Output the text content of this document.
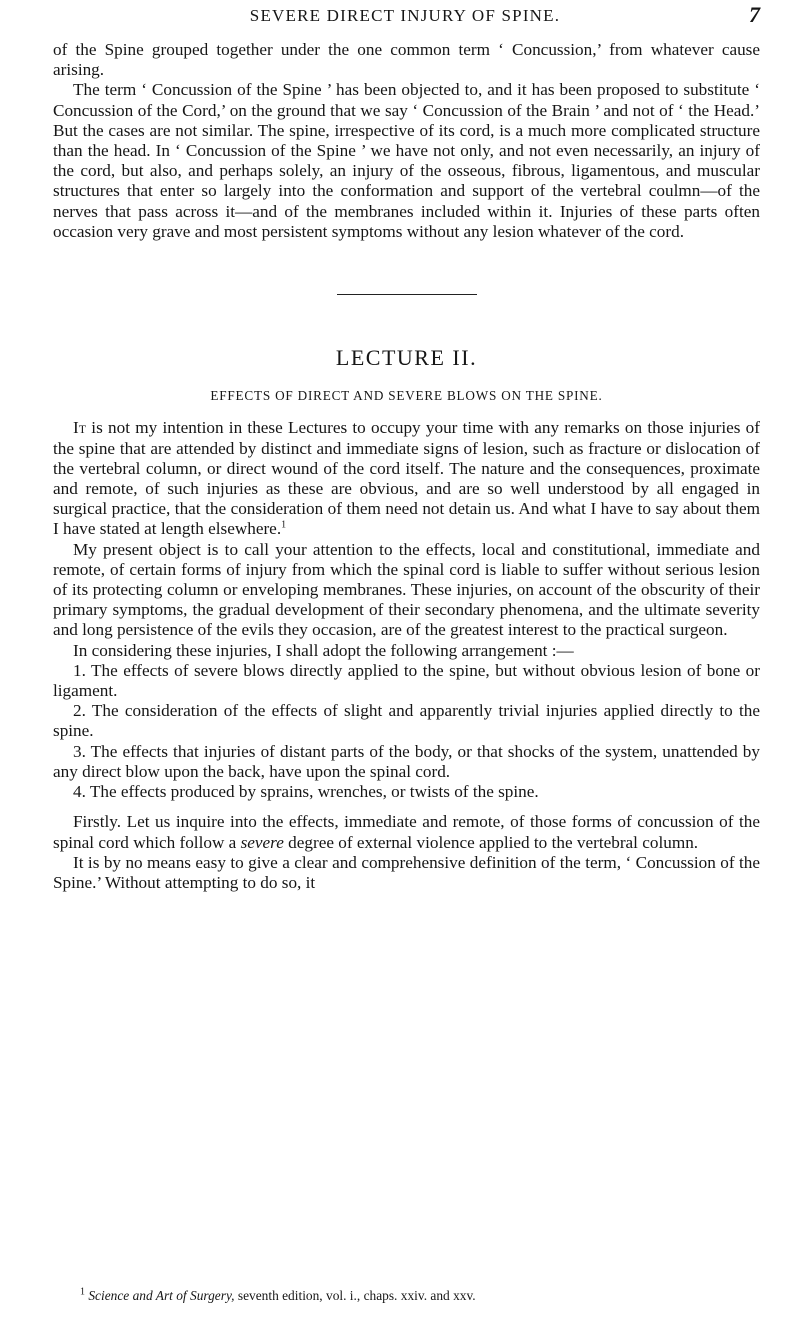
SEVERE DIRECT INJURY OF SPINE.	7

of the Spine grouped together under the one common term ‘ Concussion,’ from whatever cause arising.

The term ‘ Concussion of the Spine ’ has been objected to, and it has been proposed to substitute ‘ Concussion of the Cord,’ on the ground that we say ‘ Concussion of the Brain ’ and not of ‘ the Head.’ But the cases are not similar. The spine, irrespective of its cord, is a much more complicated structure than the head. In ‘ Concussion of the Spine ’ we have not only, and not even necessarily, an injury of the cord, but also, and perhaps solely, an injury of the osseous, fibrous, ligamentous, and muscular structures that enter so largely into the conformation and support of the vertebral coulmn—of the nerves that pass across it—and of the membranes included within it. Injuries of these parts often occasion very grave and most persistent symptoms without any lesion whatever of the cord.

LECTURE II.
EFFECTS OF DIRECT AND SEVERE BLOWS ON THE SPINE.

It is not my intention in these Lectures to occupy your time with any remarks on those injuries of the spine that are attended by distinct and immediate signs of lesion, such as fracture or dislocation of the vertebral column, or direct wound of the cord itself. The nature and the consequences, proximate and remote, of such injuries as these are obvious, and are so well understood by all engaged in surgical practice, that the consideration of them need not detain us. And what I have to say about them I have stated at length elsewhere.$^1$

My present object is to call your attention to the effects, local and constitutional, immediate and remote, of certain forms of injury from which the spinal cord is liable to suffer without serious lesion of its protecting column or enveloping membranes. These injuries, on account of the obscurity of their primary symptoms, the gradual development of their secondary phenomena, and the ultimate severity and long persistence of the evils they occasion, are of the greatest interest to the practical surgeon.

In considering these injuries, I shall adopt the following arrangement :—

1. The effects of severe blows directly applied to the spine, but without obvious lesion of bone or ligament.

2. The consideration of the effects of slight and apparently trivial injuries applied directly to the spine.

3. The effects that injuries of distant parts of the body, or that shocks of the system, unattended by any direct blow upon the back, have upon the spinal cord.

4. The effects produced by sprains, wrenches, or twists of the spine.

Firstly. Let us inquire into the effects, immediate and remote, of those forms of concussion of the spinal cord which follow a severe degree of external violence applied to the vertebral column.

It is by no means easy to give a clear and comprehensive definition of the term, ‘ Concussion of the Spine.’ Without attempting to do so, it

$^1$ Science and Art of Surgery, seventh edition, vol. i., chaps. xxiv. and xxv.
